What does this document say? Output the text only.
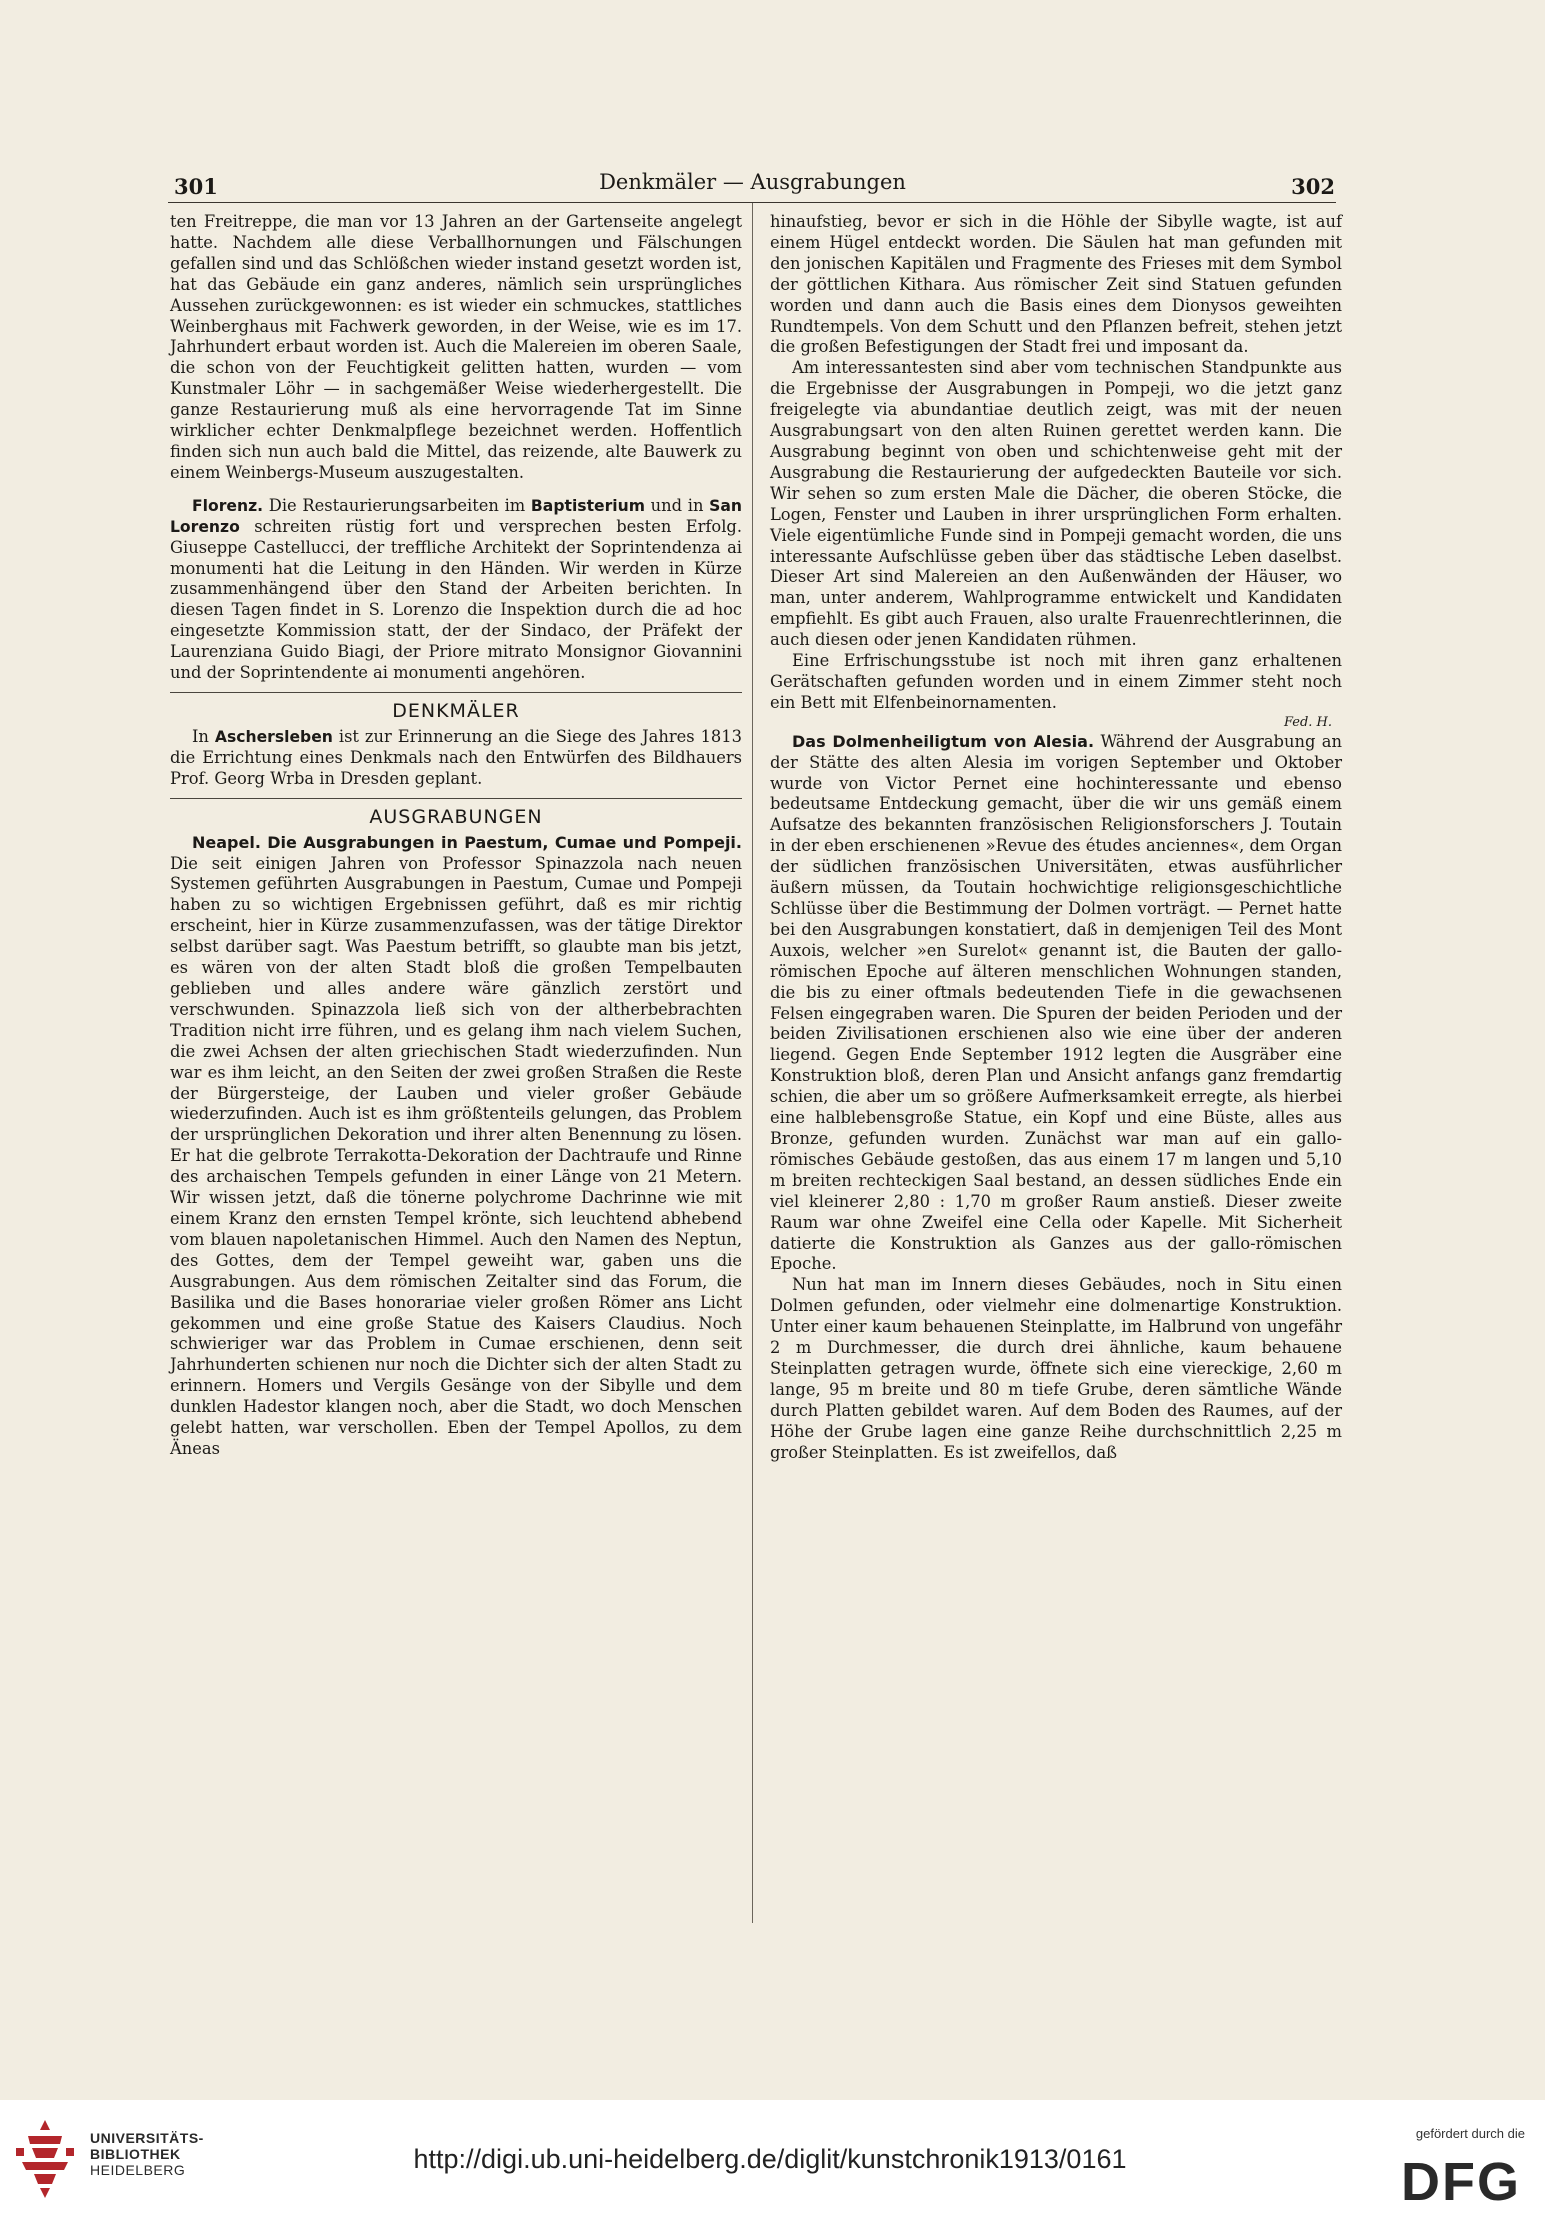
301	Denkmäler — Ausgrabungen	302

ten Freitreppe, die man vor 13 Jahren an der Gartenseite angelegt hatte. Nachdem alle diese Verballhornungen und Fälschungen gefallen sind und das Schlößchen wieder instand gesetzt worden ist, hat das Gebäude ein ganz anderes, nämlich sein ursprüngliches Aussehen zurückgewonnen: es ist wieder ein schmuckes, stattliches Weinberghaus mit Fachwerk geworden, in der Weise, wie es im 17. Jahrhundert erbaut worden ist. Auch die Malereien im oberen Saale, die schon von der Feuchtigkeit gelitten hatten, wurden — vom Kunstmaler Löhr — in sachgemäßer Weise wiederhergestellt. Die ganze Restaurierung muß als eine hervorragende Tat im Sinne wirklicher echter Denkmalpflege bezeichnet werden. Hoffentlich finden sich nun auch bald die Mittel, das reizende, alte Bauwerk zu einem Weinbergs-Museum auszugestalten.

Florenz. Die Restaurierungsarbeiten im Baptisterium und in San Lorenzo schreiten rüstig fort und versprechen besten Erfolg. Giuseppe Castellucci, der treffliche Architekt der Soprintendenza ai monumenti hat die Leitung in den Händen. Wir werden in Kürze zusammenhängend über den Stand der Arbeiten berichten. In diesen Tagen findet in S. Lorenzo die Inspektion durch die ad hoc eingesetzte Kommission statt, der der Sindaco, der Präfekt der Laurenziana Guido Biagi, der Priore mitrato Monsignor Giovannini und der Soprintendente ai monumenti angehören.

DENKMÄLER

In Aschersleben ist zur Erinnerung an die Siege des Jahres 1813 die Errichtung eines Denkmals nach den Entwürfen des Bildhauers Prof. Georg Wrba in Dresden geplant.

AUSGRABUNGEN

Neapel. Die Ausgrabungen in Paestum, Cumae und Pompeji. Die seit einigen Jahren von Professor Spinazzola nach neuen Systemen geführten Ausgrabungen in Paestum, Cumae und Pompeji haben zu so wichtigen Ergebnissen geführt, daß es mir richtig erscheint, hier in Kürze zusammenzufassen, was der tätige Direktor selbst darüber sagt. Was Paestum betrifft, so glaubte man bis jetzt, es wären von der alten Stadt bloß die großen Tempelbauten geblieben und alles andere wäre gänzlich zerstört und verschwunden. Spinazzola ließ sich von der altherbebrachten Tradition nicht irre führen, und es gelang ihm nach vielem Suchen, die zwei Achsen der alten griechischen Stadt wiederzufinden. Nun war es ihm leicht, an den Seiten der zwei großen Straßen die Reste der Bürgersteige, der Lauben und vieler großer Gebäude wiederzufinden. Auch ist es ihm größtenteils gelungen, das Problem der ursprünglichen Dekoration und ihrer alten Benennung zu lösen. Er hat die gelbrote Terrakotta-Dekoration der Dachtraufe und Rinne des archaischen Tempels gefunden in einer Länge von 21 Metern. Wir wissen jetzt, daß die tönerne polychrome Dachrinne wie mit einem Kranz den ernsten Tempel krönte, sich leuchtend abhebend vom blauen napoletanischen Himmel. Auch den Namen des Neptun, des Gottes, dem der Tempel geweiht war, gaben uns die Ausgrabungen. Aus dem römischen Zeitalter sind das Forum, die Basilika und die Bases honorariae vieler großen Römer ans Licht gekommen und eine große Statue des Kaisers Claudius. Noch schwieriger war das Problem in Cumae erschienen, denn seit Jahrhunderten schienen nur noch die Dichter sich der alten Stadt zu erinnern. Homers und Vergils Gesänge von der Sibylle und dem dunklen Hadestor klangen noch, aber die Stadt, wo doch Menschen gelebt hatten, war verschollen. Eben der Tempel Apollos, zu dem Äneas

hinaufstieg, bevor er sich in die Höhle der Sibylle wagte, ist auf einem Hügel entdeckt worden. Die Säulen hat man gefunden mit den jonischen Kapitälen und Fragmente des Frieses mit dem Symbol der göttlichen Kithara. Aus römischer Zeit sind Statuen gefunden worden und dann auch die Basis eines dem Dionysos geweihten Rundtempels. Von dem Schutt und den Pflanzen befreit, stehen jetzt die großen Befestigungen der Stadt frei und imposant da.

Am interessantesten sind aber vom technischen Standpunkte aus die Ergebnisse der Ausgrabungen in Pompeji, wo die jetzt ganz freigelegte via abundantiae deutlich zeigt, was mit der neuen Ausgrabungsart von den alten Ruinen gerettet werden kann. Die Ausgrabung beginnt von oben und schichtenweise geht mit der Ausgrabung die Restaurierung der aufgedeckten Bauteile vor sich. Wir sehen so zum ersten Male die Dächer, die oberen Stöcke, die Logen, Fenster und Lauben in ihrer ursprünglichen Form erhalten. Viele eigentümliche Funde sind in Pompeji gemacht worden, die uns interessante Aufschlüsse geben über das städtische Leben daselbst. Dieser Art sind Malereien an den Außenwänden der Häuser, wo man, unter anderem, Wahlprogramme entwickelt und Kandidaten empfiehlt. Es gibt auch Frauen, also uralte Frauenrechtlerinnen, die auch diesen oder jenen Kandidaten rühmen.

Eine Erfrischungsstube ist noch mit ihren ganz erhaltenen Gerätschaften gefunden worden und in einem Zimmer steht noch ein Bett mit Elfenbeinornamenten.

Fed. H.

Das Dolmenheiligtum von Alesia. Während der Ausgrabung an der Stätte des alten Alesia im vorigen September und Oktober wurde von Victor Pernet eine hochinteressante und ebenso bedeutsame Entdeckung gemacht, über die wir uns gemäß einem Aufsatze des bekannten französischen Religionsforschers J. Toutain in der eben erschienenen »Revue des études anciennes«, dem Organ der südlichen französischen Universitäten, etwas ausführlicher äußern müssen, da Toutain hochwichtige religionsgeschichtliche Schlüsse über die Bestimmung der Dolmen vorträgt. — Pernet hatte bei den Ausgrabungen konstatiert, daß in demjenigen Teil des Mont Auxois, welcher »en Surelot« genannt ist, die Bauten der gallo-römischen Epoche auf älteren menschlichen Wohnungen standen, die bis zu einer oftmals bedeutenden Tiefe in die gewachsenen Felsen eingegraben waren. Die Spuren der beiden Perioden und der beiden Zivilisationen erschienen also wie eine über der anderen liegend. Gegen Ende September 1912 legten die Ausgräber eine Konstruktion bloß, deren Plan und Ansicht anfangs ganz fremdartig schien, die aber um so größere Aufmerksamkeit erregte, als hierbei eine halblebensgroße Statue, ein Kopf und eine Büste, alles aus Bronze, gefunden wurden. Zunächst war man auf ein gallo-römisches Gebäude gestoßen, das aus einem 17 m langen und 5,10 m breiten rechteckigen Saal bestand, an dessen südliches Ende ein viel kleinerer 2,80 : 1,70 m großer Raum anstieß. Dieser zweite Raum war ohne Zweifel eine Cella oder Kapelle. Mit Sicherheit datierte die Konstruktion als Ganzes aus der gallo-römischen Epoche.

Nun hat man im Innern dieses Gebäudes, noch in Situ einen Dolmen gefunden, oder vielmehr eine dolmenartige Konstruktion. Unter einer kaum behauenen Steinplatte, im Halbrund von ungefähr 2 m Durchmesser, die durch drei ähnliche, kaum behauene Steinplatten getragen wurde, öffnete sich eine viereckige, 2,60 m lange, 95 m breite und 80 m tiefe Grube, deren sämtliche Wände durch Platten gebildet waren. Auf dem Boden des Raumes, auf der Höhe der Grube lagen eine ganze Reihe durchschnittlich 2,25 m großer Steinplatten. Es ist zweifellos, daß

UNIVERSITÄTS-
BIBLIOTHEK
HEIDELBERG	http://digi.ub.uni-heidelberg.de/diglit/kunstchronik1913/0161
gefördert durch die
DFG
